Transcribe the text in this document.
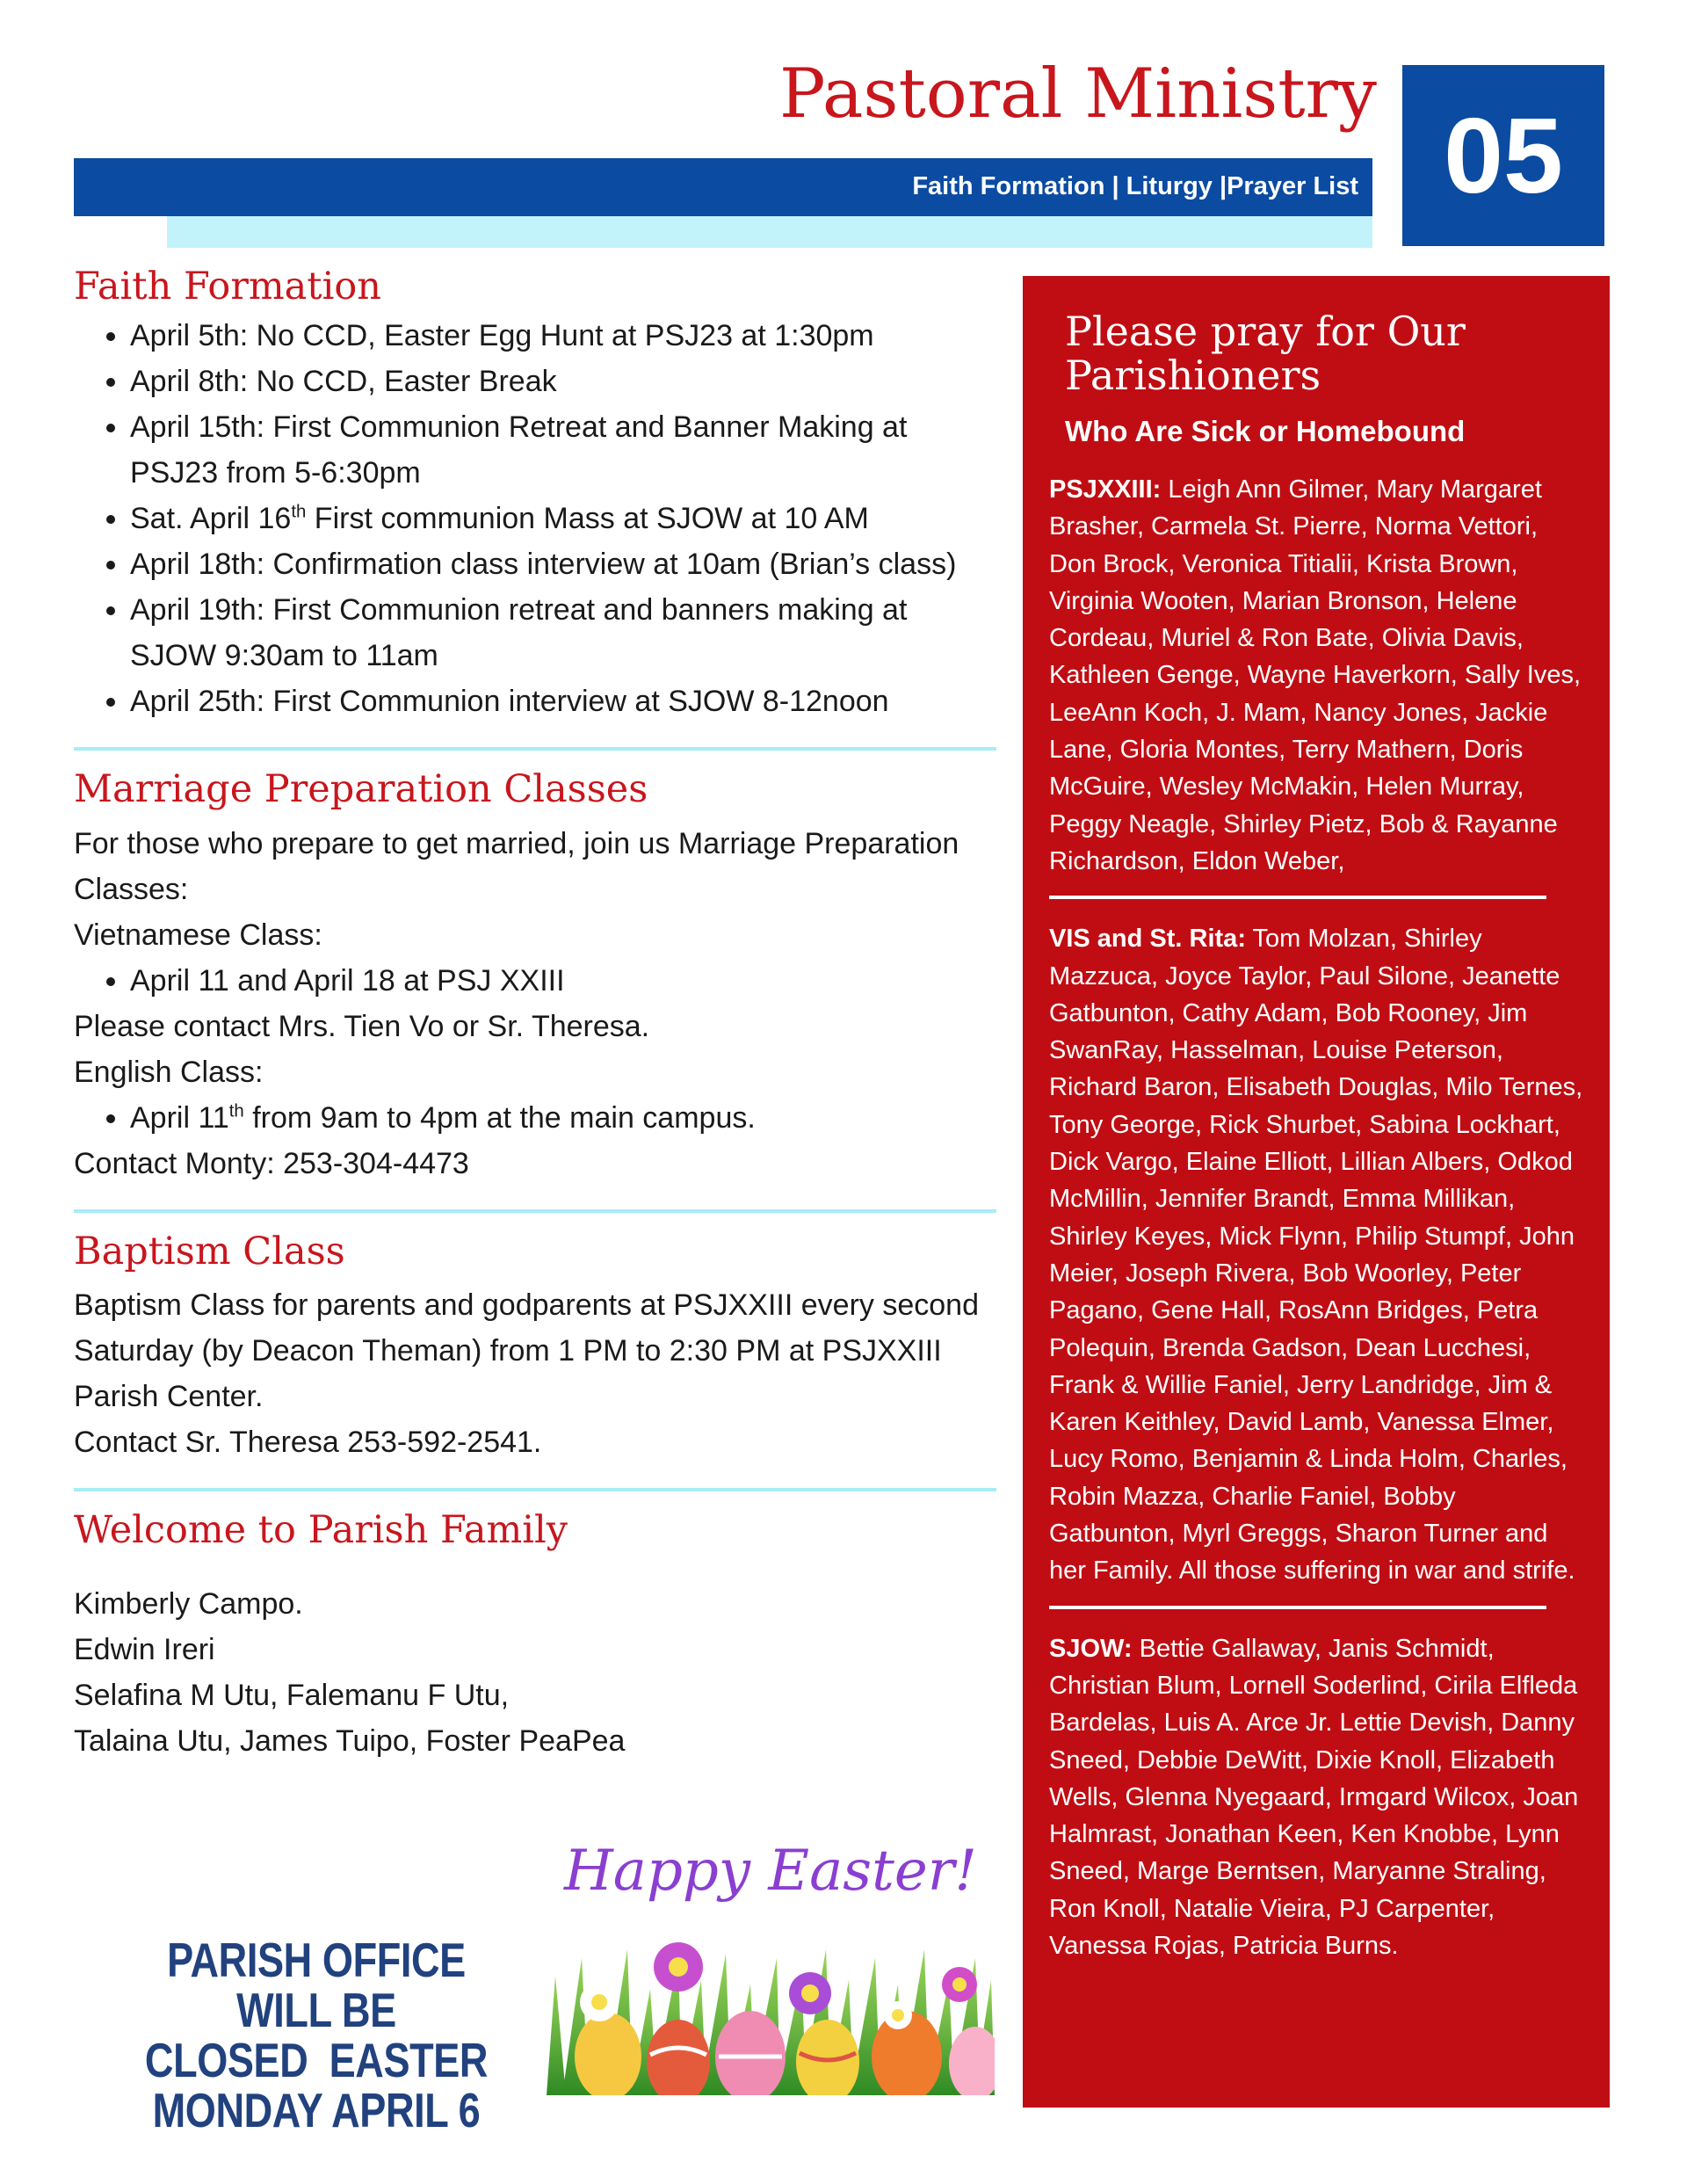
Pastoral Ministry
Faith Formation | Liturgy |Prayer List 05
Faith Formation
• April 5th: No CCD, Easter Egg Hunt at PSJ23 at 1:30pm
• April 8th: No CCD, Easter Break
• April 15th: First Communion Retreat and Banner Making at PSJ23 from 5-6:30pm
• Sat. April 16th First communion Mass at SJOW at 10 AM
• April 18th: Confirmation class interview at 10am (Brian’s class)
• April 19th: First Communion retreat and banners making at SJOW 9:30am to 11am
• April 25th: First Communion interview at SJOW 8-12noon
Marriage Preparation Classes

For those who prepare to get married, join us Marriage Preparation Classes:

Vietnamese Class:

• April 11 and April 18 at PSJ XXIII

Please contact Mrs. Tien Vo or Sr. Theresa.

English Class:

• April 11th from 9am to 4pm at the main campus.

Contact Monty: 253-304-4473

Baptism Class

Baptism Class for parents and godparents at PSJXXIII every second Saturday (by Deacon Theman) from 1 PM to 2:30 PM at PSJXXIII Parish Center.

Contact Sr. Theresa 253-592-2541.

Welcome to Parish Family

Kimberly Campo.

Edwin Ireri

Selafina M Utu, Falemanu F Utu,

Talaina Utu, James Tuipo, Foster PeaPea

PARISH OFFICE WILL BE
CLOSED  EASTER
MONDAY APRIL 6
Happy Easter!
Please pray for Our
Parishioners
Who Are Sick or Homebound

PSJXXIII: Leigh Ann Gilmer, Mary Margaret Brasher, Carmela St. Pierre, Norma Vettori, Don Brock, Veronica Titialii, Krista Brown, Virginia Wooten, Marian Bronson, Helene Cordeau, Muriel & Ron Bate, Olivia Davis, Kathleen Genge, Wayne Haverkorn, Sally Ives, LeeAnn Koch, J. Mam, Nancy Jones, Jackie Lane, Gloria Montes, Terry Mathern, Doris McGuire, Wesley McMakin, Helen Murray, Peggy Neagle, Shirley Pietz, Bob & Rayanne Richardson, Eldon Weber,

VIS and St. Rita: Tom Molzan, Shirley Mazzuca, Joyce Taylor, Paul Silone, Jeanette Gatbunton, Cathy Adam, Bob Rooney, Jim SwanRay, Hasselman, Louise Peterson, Richard Baron, Elisabeth Douglas, Milo Ternes, Tony George, Rick Shurbet, Sabina Lockhart, Dick Vargo, Elaine Elliott, Lillian Albers, Odkod McMillin, Jennifer Brandt, Emma Millikan, Shirley Keyes, Mick Flynn, Philip Stumpf, John Meier, Joseph Rivera, Bob Woorley, Peter Pagano, Gene Hall, RosAnn Bridges, Petra Polequin, Brenda Gadson, Dean Lucchesi, Frank & Willie Faniel, Jerry Landridge, Jim & Karen Keithley, David Lamb, Vanessa Elmer, Lucy Romo, Benjamin & Linda Holm, Charles, Robin Mazza, Charlie Faniel, Bobby Gatbunton, Myrl Greggs, Sharon Turner and her Family. All those suffering in war and strife.

SJOW: Bettie Gallaway, Janis Schmidt, Christian Blum, Lornell Soderlind, Cirila Elfleda Bardelas, Luis A. Arce Jr. Lettie Devish, Danny Sneed, Debbie DeWitt, Dixie Knoll, Elizabeth Wells, Glenna Nyegaard, Irmgard Wilcox, Joan Halmrast, Jonathan Keen, Ken Knobbe, Lynn Sneed, Marge Berntsen, Maryanne Straling, Ron Knoll, Natalie Vieira, PJ Carpenter, Vanessa Rojas, Patricia Burns.
